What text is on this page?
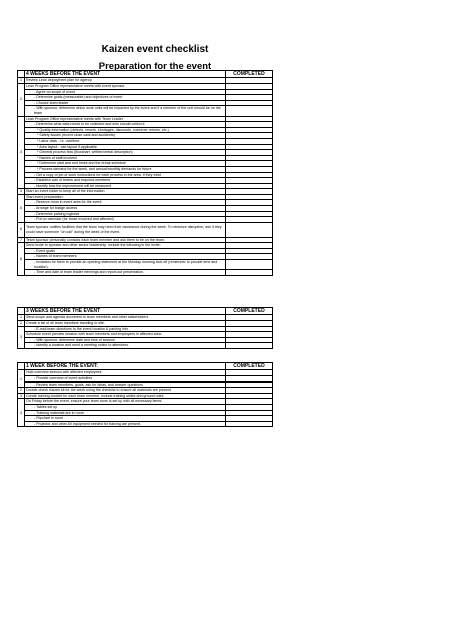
Kaizen event checklist
Preparation for the event
	4 WEEKS BEFORE THE EVENT	COMPLETED
1	Review Lean deployment plan for agency	
2	Lean Program Office representative meets with event sponsor	
	- Agree on scope of event	
	- Determine goals (measurable) and objectives of event	
	- Choose team leader	
	- With sponsor, determine which work units will be impacted by the event and if a member of the unit should be on the team	
3	Lean Program Office representative meets with Team Leader	
	- Determine what data needs to be collected and who should collect it	
	* Quality information (defects, rework, shortages, discounts, customer returns, etc.)	
	* Safety issues (recent close calls and accidents)	
	* Labor data - i.e. overtime	
	* Area layout - cad layout if applicable	
	* General process flow (flowchart, written/verbal description)	
	* Names of staff involved	
	* Determine start and end times and the break schedule	
	* Process demand for the week, and annual/monthly demands for future	
	- Get a copy of job or work instructions for each process in the area, if they exist	
	- Establish size of teams and required members	
	- Identify how the improvement will be measured	
4	Start an event folder to keep all of the information	
5	Start event preparation:	
	- Reserve room in event area for the event	
	- Arrange for badge access	
	- Determine parking logistics	
	- Put on calendar (for those involved and affected)	
6	Team sponsor notifies facilities that the team may need their assistance during the week. To minimize disruption, ask if they could have someone "on call" during the week of the event.	
7	Team sponsor personally contacts each team member and ask them to be on the team.	
8	Send invite to sponsor and other senior leadership, include the following in the invite:	
	- Event goals	
	- Names of team members	
	- Invitation for them to provide an opening statement at the Monday morning kick-off (remember to provide time and location).	
	- Time and date of team leader meetings and report-out presentation.	
	3 WEEKS BEFORE THE EVENT	COMPLETED
1	Send scope and agenda document to team members and other stakeholders	
2	Create a list of all team members traveling to site.	
3	- E-mail team directions to the event location & parking info	
	Schedule event preview session with team members and employees in affected area:	
	- With sponsor, determine date and time of session	
	- Identify a location and send a meeting notice to attendees.	
	1 WEEK BEFORE THE EVENT:	COMPLETED
1	Hold overview session with affected employees:	
	- Provide overview of event activities	

	- Review team members, goals, ask for ideas, and answer questions	
2	Double-check Kaizen kit for the week using the checklist to ensure all materials are present	
3	Create training booklet for each team member, include training slides and ground rules	
4	On Friday before the event, ensure your team room is set up with all necessary items:	
	- Tables set up	
	- Training materials are in room	
	- Flipchart in room	
	- Projector and other AV equipment needed for training are present.	
